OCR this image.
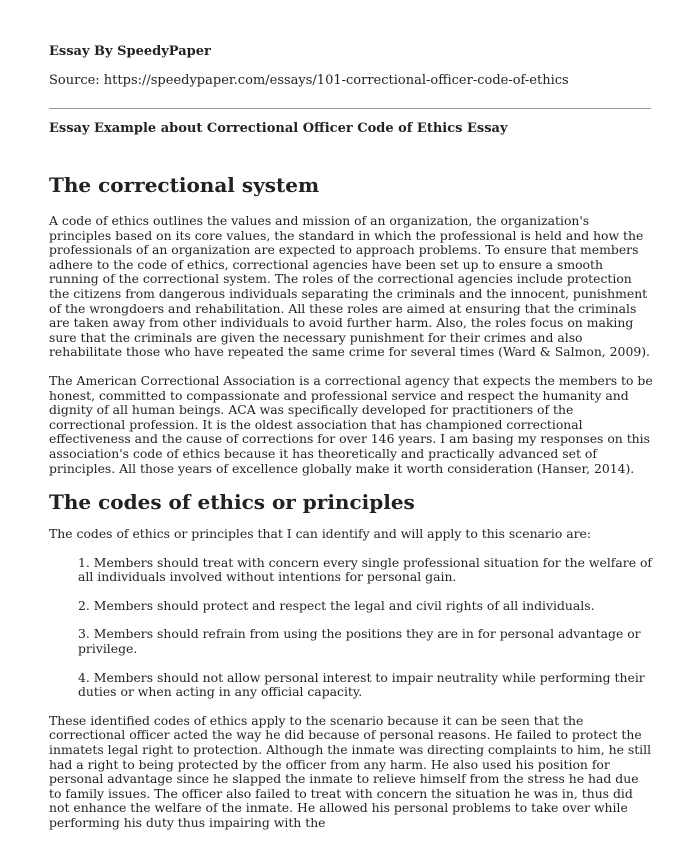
Essay By SpeedyPaper
Source: https://speedypaper.com/essays/101-correctional-officer-code-of-ethics
Essay Example about Correctional Officer Code of Ethics Essay
The correctional system

A code of ethics outlines the values and mission of an organization, the organization's principles based on its core values, the standard in which the professional is held and how the professionals of an organization are expected to approach problems. To ensure that members adhere to the code of ethics, correctional agencies have been set up to ensure a smooth running of the correctional system. The roles of the correctional agencies include protection the citizens from dangerous individuals separating the criminals and the innocent, punishment of the wrongdoers and rehabilitation. All these roles are aimed at ensuring that the criminals are taken away from other individuals to avoid further harm. Also, the roles focus on making sure that the criminals are given the necessary punishment for their crimes and also rehabilitate those who have repeated the same crime for several times (Ward & Salmon, 2009).

The American Correctional Association is a correctional agency that expects the members to be honest, committed to compassionate and professional service and respect the humanity and dignity of all human beings. ACA was specifically developed for practitioners of the correctional profession. It is the oldest association that has championed correctional effectiveness and the cause of corrections for over 146 years. I am basing my responses on this association's code of ethics because it has theoretically and practically advanced set of principles. All those years of excellence globally make it worth consideration (Hanser, 2014).

The codes of ethics or principles

The codes of ethics or principles that I can identify and will apply to this scenario are:

1. Members should treat with concern every single professional situation for the welfare of all individuals involved without intentions for personal gain.
2. Members should protect and respect the legal and civil rights of all individuals.
3. Members should refrain from using the positions they are in for personal advantage or privilege.
4. Members should not allow personal interest to impair neutrality while performing their duties or when acting in any official capacity.

These identified codes of ethics apply to the scenario because it can be seen that the correctional officer acted the way he did because of personal reasons. He failed to protect the inmatets legal right to protection. Although the inmate was directing complaints to him, he still had a right to being protected by the officer from any harm. He also used his position for personal advantage since he slapped the inmate to relieve himself from the stress he had due to family issues. The officer also failed to treat with concern the situation he was in, thus did not enhance the welfare of the inmate. He allowed his personal problems to take over while performing his duty thus impairing with the
